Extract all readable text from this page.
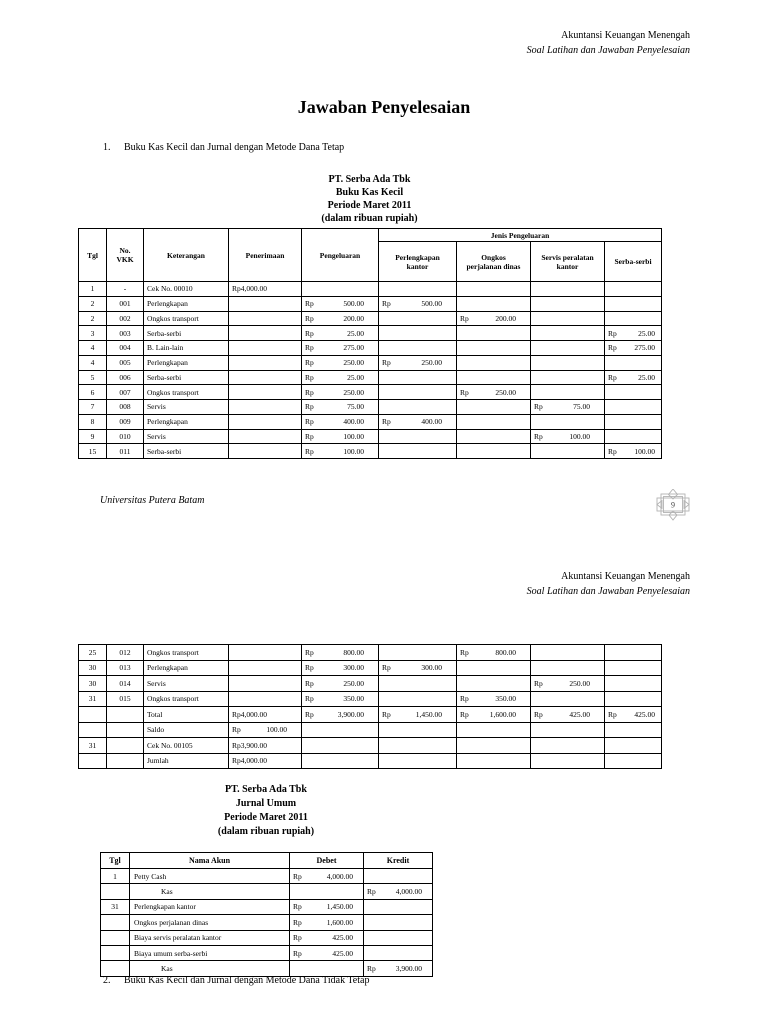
Akuntansi Keuangan Menengah
Soal Latihan dan Jawaban Penyelesaian
Jawaban Penyelesaian
1.	Buku Kas Kecil dan Jurnal dengan Metode Dana Tetap
PT. Serba Ada Tbk
Buku Kas Kecil
Periode Maret 2011
(dalam ribuan rupiah)
Tgl	No. VKK	Keterangan	Penerimaan	Pengeluaran	Jenis Pengeluaran			
					Perlengkapan kantor	Ongkos perjalanan dinas	Servis peralatan kantor	Serba-serbi
1	-	Cek No. 00010	Rp4,000.00					
2	001	Perlengkapan		Rp 500.00	Rp 500.00			

2	002	Ongkos transport		Rp 200.00		Rp 200.00		

3	003	Serba-serbi		Rp 25.00				Rp 25.00

4	004	B. Lain-lain		Rp 275.00				Rp 275.00

4	005	Perlengkapan		Rp 250.00	Rp 250.00			

5	006	Serba-serbi		Rp 25.00				Rp 25.00

6	007	Ongkos transport		Rp 250.00		Rp 250.00		

7	008	Servis		Rp 75.00			Rp 75.00	

8	009	Perlengkapan		Rp 400.00	Rp 400.00			

9	010	Servis		Rp 100.00			Rp 100.00	

15	011	Serba-serbi		Rp 100.00				Rp 100.00
Universitas Putera Batam	9
Akuntansi Keuangan Menengah
Soal Latihan dan Jawaban Penyelesaian
25	012	Ongkos transport		Rp 800.00		Rp 800.00		

30	013	Perlengkapan		Rp 300.00	Rp 300.00			

30	014	Servis		Rp 250.00			Rp 250.00	

31	015	Ongkos transport		Rp 350.00		Rp 350.00		

		Total	Rp4,000.00	Rp 3,900.00	Rp 1,450.00	Rp 1,600.00	Rp 425.00	Rp 425.00

		Saldo	Rp 100.00					

31		Cek No. 00105	Rp3,900.00					
		Jumlah	Rp4,000.00					
PT. Serba Ada Tbk
Jurnal Umum
Periode Maret 2011
(dalam ribuan rupiah)
Tgl	Nama Akun	Debet	Kredit
1	Petty Cash	Rp 4,000.00	

	Kas		Rp 4,000.00

31	Perlengkapan kantor	Rp 1,450.00	

	Ongkos perjalanan dinas	Rp 1,600.00	

	Biaya servis peralatan kantor	Rp 425.00	

	Biaya umum serba-serbi	Rp 425.00	

	Kas		Rp 3,900.00
2.	Buku Kas Kecil dan Jurnal dengan Metode Dana Tidak Tetap
